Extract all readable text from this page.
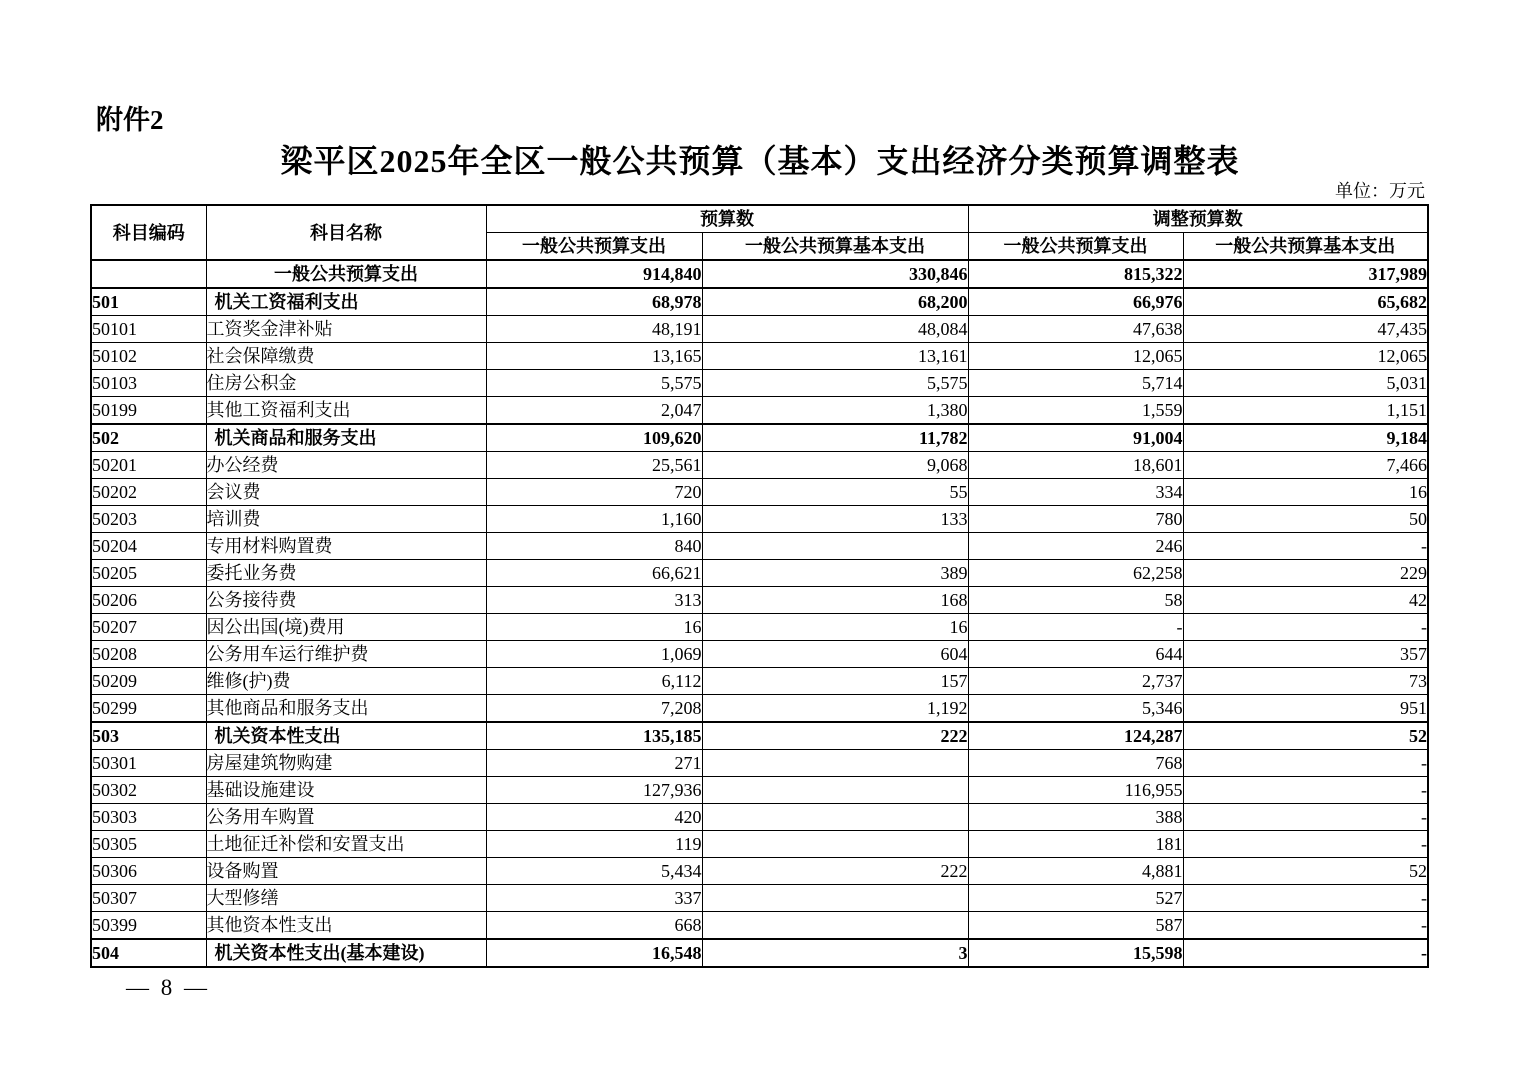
附件2
梁平区2025年全区一般公共预算（基本）支出经济分类预算调整表
单位：万元
科目编码	科目名称	预算数		调整预算数	
		一般公共预算支出	一般公共预算基本支出	一般公共预算支出	一般公共预算基本支出
	一般公共预算支出	914,840	330,846	815,322	317,989
501	机关工资福利支出	68,978	68,200	66,976	65,682
50101	工资奖金津补贴	48,191	48,084	47,638	47,435
50102	社会保障缴费	13,165	13,161	12,065	12,065
50103	住房公积金	5,575	5,575	5,714	5,031
50199	其他工资福利支出	2,047	1,380	1,559	1,151
502	机关商品和服务支出	109,620	11,782	91,004	9,184
50201	办公经费	25,561	9,068	18,601	7,466
50202	会议费	720	55	334	16
50203	培训费	1,160	133	780	50
50204	专用材料购置费	840		246	-
50205	委托业务费	66,621	389	62,258	229
50206	公务接待费	313	168	58	42
50207	因公出国(境)费用	16	16	-	-
50208	公务用车运行维护费	1,069	604	644	357
50209	维修(护)费	6,112	157	2,737	73
50299	其他商品和服务支出	7,208	1,192	5,346	951
503	机关资本性支出	135,185	222	124,287	52
50301	房屋建筑物购建	271		768	-
50302	基础设施建设	127,936		116,955	-
50303	公务用车购置	420		388	-
50305	土地征迁补偿和安置支出	119		181	-
50306	设备购置	5,434	222	4,881	52
50307	大型修缮	337		527	-
50399	其他资本性支出	668		587	-
504	机关资本性支出(基本建设)	16,548	3	15,598	-
— 8 —
